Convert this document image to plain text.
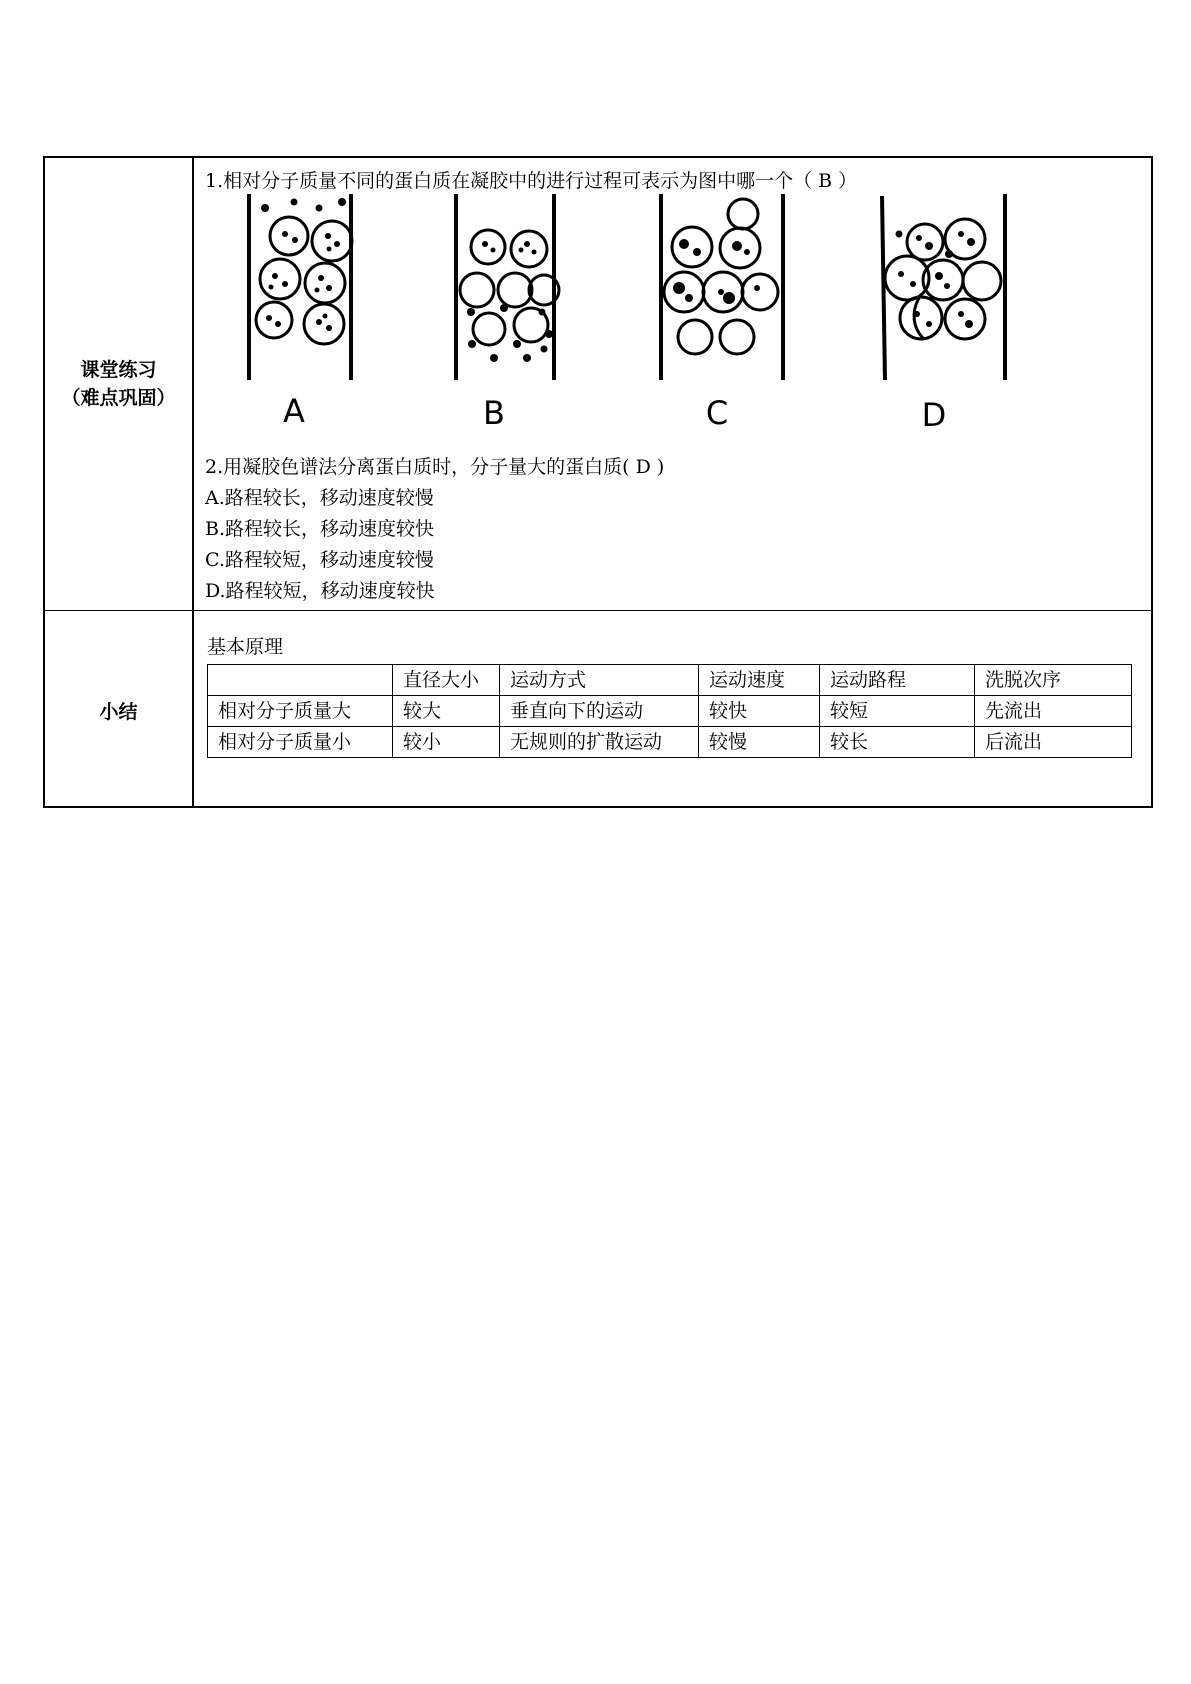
课堂练习
（难点巩固）
小结
1.相对分子质量不同的蛋白质在凝胶中的进行过程可表示为图中哪一个（ B ）
A	B	C	D
2.用凝胶色谱法分离蛋白质时，分子量大的蛋白质( D )
A.路程较长，移动速度较慢
B.路程较长，移动速度较快
C.路程较短，移动速度较慢
D.路程较短，移动速度较快
基本原理
	直径大小	运动方式	运动速度	运动路程	洗脱次序
相对分子质量大	较大	垂直向下的运动	较快	较短	先流出
相对分子质量小	较小	无规则的扩散运动	较慢	较长	后流出
